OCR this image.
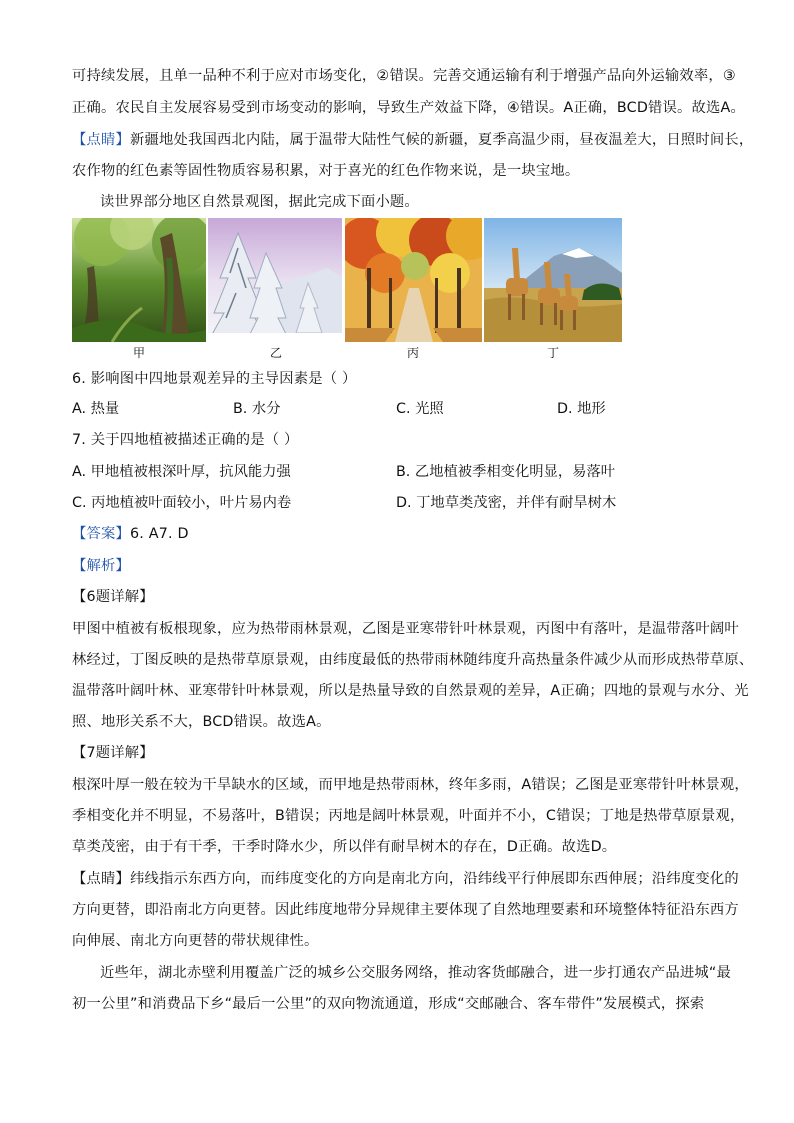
可持续发展，且单一品种不利于应对市场变化，②错误。完善交通运输有利于增强产品向外运输效率，③
正确。农民自主发展容易受到市场变动的影响，导致生产效益下降，④错误。A正确，BCD错误。故选A。
【点睛】新疆地处我国西北内陆，属于温带大陆性气候的新疆，夏季高温少雨，昼夜温差大，日照时间长，
农作物的红色素等固性物质容易积累，对于喜光的红色作物来说，是一块宝地。
读世界部分地区自然景观图，据此完成下面小题。
甲	乙	丙	丁
6. 影响图中四地景观差异的主导因素是（ ）
A. 热量	B. 水分	C. 光照	D. 地形
7. 关于四地植被描述正确的是（ ）
A. 甲地植被根深叶厚，抗风能力强	B. 乙地植被季相变化明显，易落叶
C. 丙地植被叶面较小，叶片易内卷	D. 丁地草类茂密，并伴有耐旱树木
【答案】6. A7. D
【解析】
【6题详解】
甲图中植被有板根现象，应为热带雨林景观，乙图是亚寒带针叶林景观，丙图中有落叶，是温带落叶阔叶
林经过，丁图反映的是热带草原景观，由纬度最低的热带雨林随纬度升高热量条件减少从而形成热带草原、
温带落叶阔叶林、亚寒带针叶林景观，所以是热量导致的自然景观的差异，A正确；四地的景观与水分、光
照、地形关系不大，BCD错误。故选A。
【7题详解】
根深叶厚一般在较为干旱缺水的区域，而甲地是热带雨林，终年多雨，A错误；乙图是亚寒带针叶林景观，
季相变化并不明显，不易落叶，B错误；丙地是阔叶林景观，叶面并不小，C错误；丁地是热带草原景观，
草类茂密，由于有干季，干季时降水少，所以伴有耐旱树木的存在，D正确。故选D。
【点睛】纬线指示东西方向，而纬度变化的方向是南北方向，沿纬线平行伸展即东西伸展；沿纬度变化的
方向更替，即沿南北方向更替。因此纬度地带分异规律主要体现了自然地理要素和环境整体特征沿东西方
向伸展、南北方向更替的带状规律性。
近些年，湖北赤壁利用覆盖广泛的城乡公交服务网络，推动客货邮融合，进一步打通农产品进城“最
初一公里”和消费品下乡“最后一公里”的双向物流通道，形成“交邮融合、客车带件”发展模式，探索
